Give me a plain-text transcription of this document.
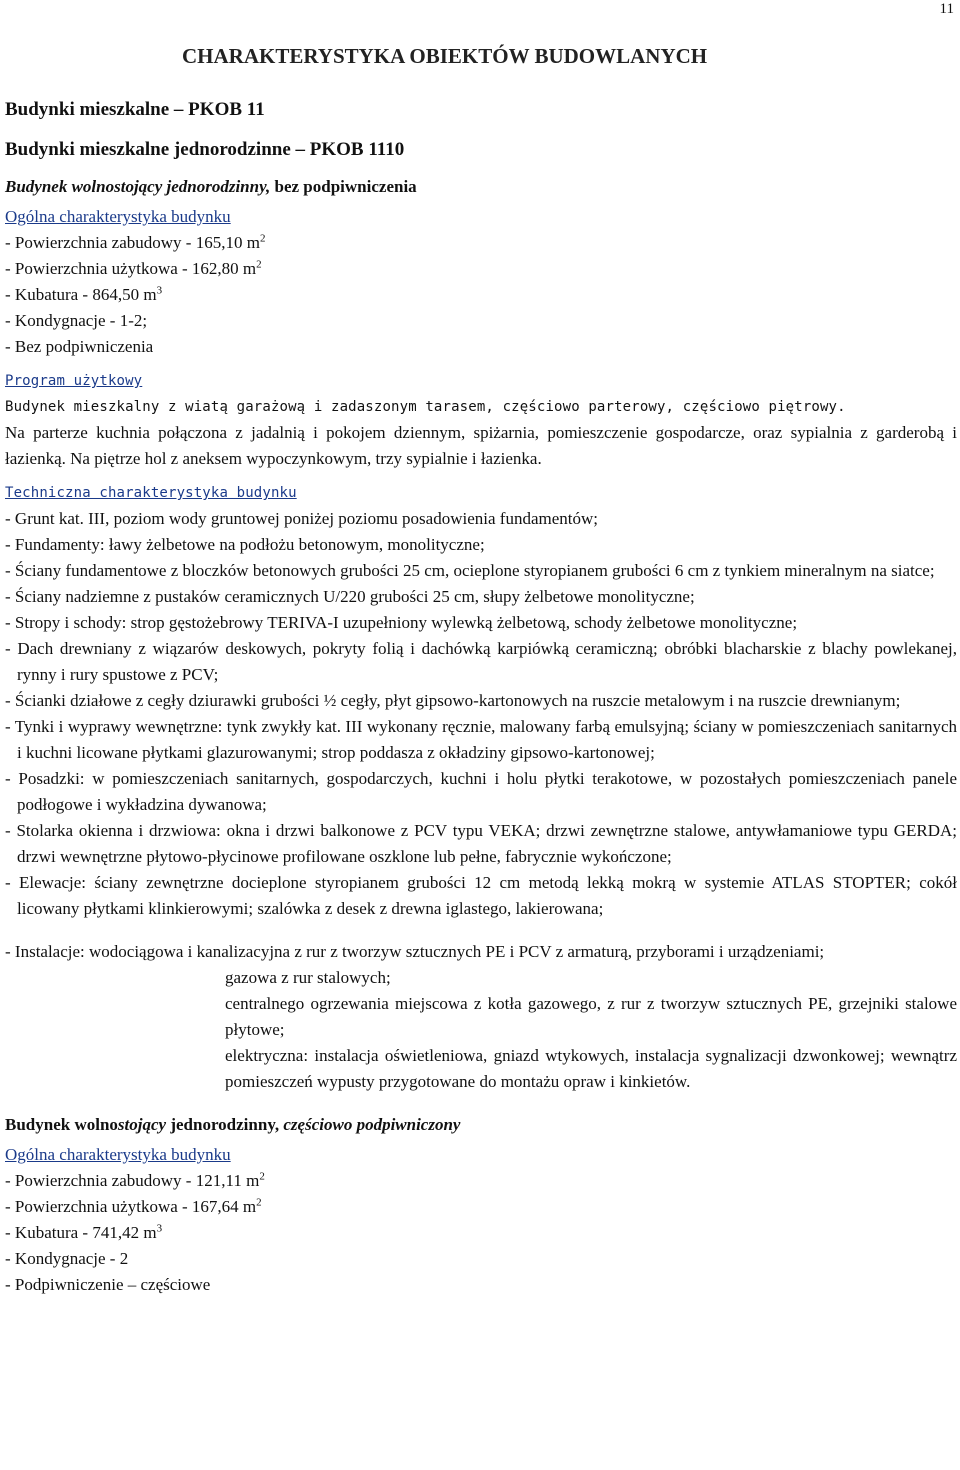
11
CHARAKTERYSTYKA OBIEKTÓW BUDOWLANYCH

Budynki mieszkalne – PKOB 11

Budynki mieszkalne jednorodzinne – PKOB 1110

Budynek wolnostojący jednorodzinny, bez podpiwniczenia

Ogólna charakterystyka budynku

- Powierzchnia zabudowy - 165,10 $m^2$

- Powierzchnia użytkowa - 162,80 $m^2$

- Kubatura - 864,50 $m^3$

- Kondygnacje - 1-2;

- Bez podpiwniczenia

Program użytkowy

Budynek mieszkalny z wiatą garażową i zadaszonym tarasem, częściowo parterowy, częściowo piętrowy.

Na parterze kuchnia połączona z jadalnią i pokojem dziennym, spiżarnia, pomieszczenie gospodarcze, oraz sypialnia z garderobą i łazienką. Na piętrze hol z aneksem wypoczynkowym, trzy sypialnie i łazienka.

Techniczna charakterystyka budynku

- Grunt kat. III, poziom wody gruntowej poniżej poziomu posadowienia fundamentów;

- Fundamenty: ławy żelbetowe na podłożu betonowym, monolityczne;

- Ściany fundamentowe z bloczków betonowych grubości 25 cm, ocieplone styropianem grubości 6 cm z tynkiem mineralnym na siatce;

- Ściany nadziemne z pustaków ceramicznych U/220 grubości 25 cm, słupy żelbetowe monolityczne;

- Stropy i schody: strop gęstożebrowy TERIVA-I uzupełniony wylewką żelbetową, schody żelbetowe monolityczne;

- Dach drewniany z wiązarów deskowych, pokryty folią i dachówką karpiówką ceramiczną; obróbki blacharskie z blachy powlekanej, rynny i rury spustowe z PCV;

- Ścianki działowe z cegły dziurawki grubości ½ cegły, płyt gipsowo-kartonowych na ruszcie metalowym i na ruszcie drewnianym;

- Tynki i wyprawy wewnętrzne: tynk zwykły kat. III wykonany ręcznie, malowany farbą emulsyjną; ściany w pomieszczeniach sanitarnych i kuchni licowane płytkami glazurowanymi; strop poddasza z okładziny gipsowo-kartonowej;

- Posadzki: w pomieszczeniach sanitarnych, gospodarczych, kuchni i holu płytki terakotowe, w pozostałych pomieszczeniach panele podłogowe i wykładzina dywanowa;

- Stolarka okienna i drzwiowa: okna i drzwi balkonowe z PCV typu VEKA; drzwi zewnętrzne stalowe, antywłamaniowe typu GERDA; drzwi wewnętrzne płytowo-płycinowe profilowane oszklone lub pełne, fabrycznie wykończone;

- Elewacje: ściany zewnętrzne docieplone styropianem grubości 12 cm metodą lekką mokrą w systemie ATLAS STOPTER; cokół licowany płytkami klinkierowymi; szalówka z desek z drewna iglastego, lakierowana;

- Instalacje: wodociągowa i kanalizacyjna z rur z tworzyw sztucznych PE i PCV z armaturą, przyborami i urządzeniami;
gazowa z rur stalowych;
centralnego ogrzewania miejscowa z kotła gazowego, z rur z tworzyw sztucznych PE, grzejniki stalowe płytowe;
elektryczna: instalacja oświetleniowa, gniazd wtykowych, instalacja sygnalizacji dzwonkowej; wewnątrz pomieszczeń wypusty przygotowane do montażu opraw i kinkietów.

Budynek wolnostojący jednorodzinny, częściowo podpiwniczony

Ogólna charakterystyka budynku

- Powierzchnia zabudowy - 121,11 $m^2$

- Powierzchnia użytkowa - 167,64 $m^2$

- Kubatura - 741,42 $m^3$

- Kondygnacje - 2

- Podpiwniczenie – częściowe
